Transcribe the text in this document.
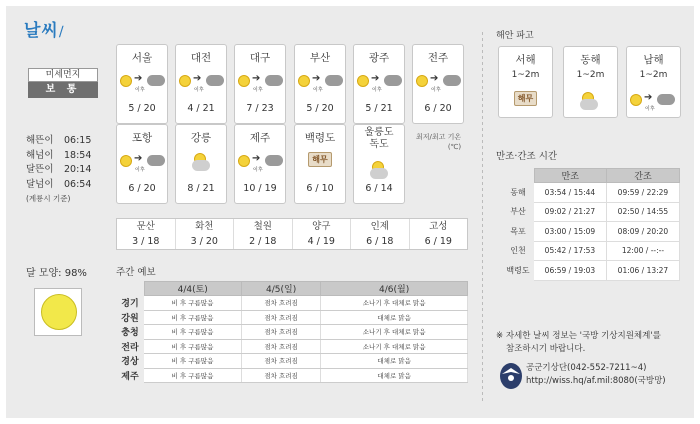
날씨∕
미세먼지
보 통
해뜬이	06:15
해넘이	18:54
달뜬이	20:14
달넘이	06:54
(계룡시 기준)
달 모양: 98%
서울
➔
이후
5 / 20
대전
➔
이후
4 / 21
대구
➔
이후
7 / 23
부산
➔
이후
5 / 20
광주
➔
이후
5 / 21
전주
➔
이후
6 / 20
포항
➔
이후
6 / 20
강릉
8 / 21
제주
➔
이후
10 / 19
백령도
해무
6 / 10
울릉도
독도
6 / 14
최저/최고 기온
(℃)
문산
3 / 18
화천
3 / 20
철원
2 / 18
양구
4 / 19
인제
6 / 18
고성
6 / 19
주간 예보
	4/4(토)	4/5(일)	4/6(월)
경기	비 후 구름많음	점차 흐려짐	소나기 후 대체로 맑음
강원	비 후 구름많음	점차 흐려짐	대체로 맑음
충청	비 후 구름많음	점차 흐려짐	소나기 후 대체로 맑음
전라	비 후 구름많음	점차 흐려짐	소나기 후 대체로 맑음
경상	비 후 구름많음	점차 흐려짐	대체로 맑음
제주	비 후 구름많음	점차 흐려짐	대체로 맑음
해안 파고
서해
1~2m
해무
동해
1~2m
남해
1~2m
➔
이후
만조·간조 시간
	만조	간조
동해	03:54 / 15:44	09:59 / 22:29
부산	09:02 / 21:27	02:50 / 14:55
목포	03:00 / 15:09	08:09 / 20:20
인천	05:42 / 17:53	12:00 / --:--
백령도	06:59 / 19:03	01:06 / 13:27
※ 자세한 날씨 정보는 '국방 기상지원체계'를
참조하시기 바랍니다.
공군기상단(042-552-7211~4)
http://wiss.hq/af.mil:8080(국방망)
